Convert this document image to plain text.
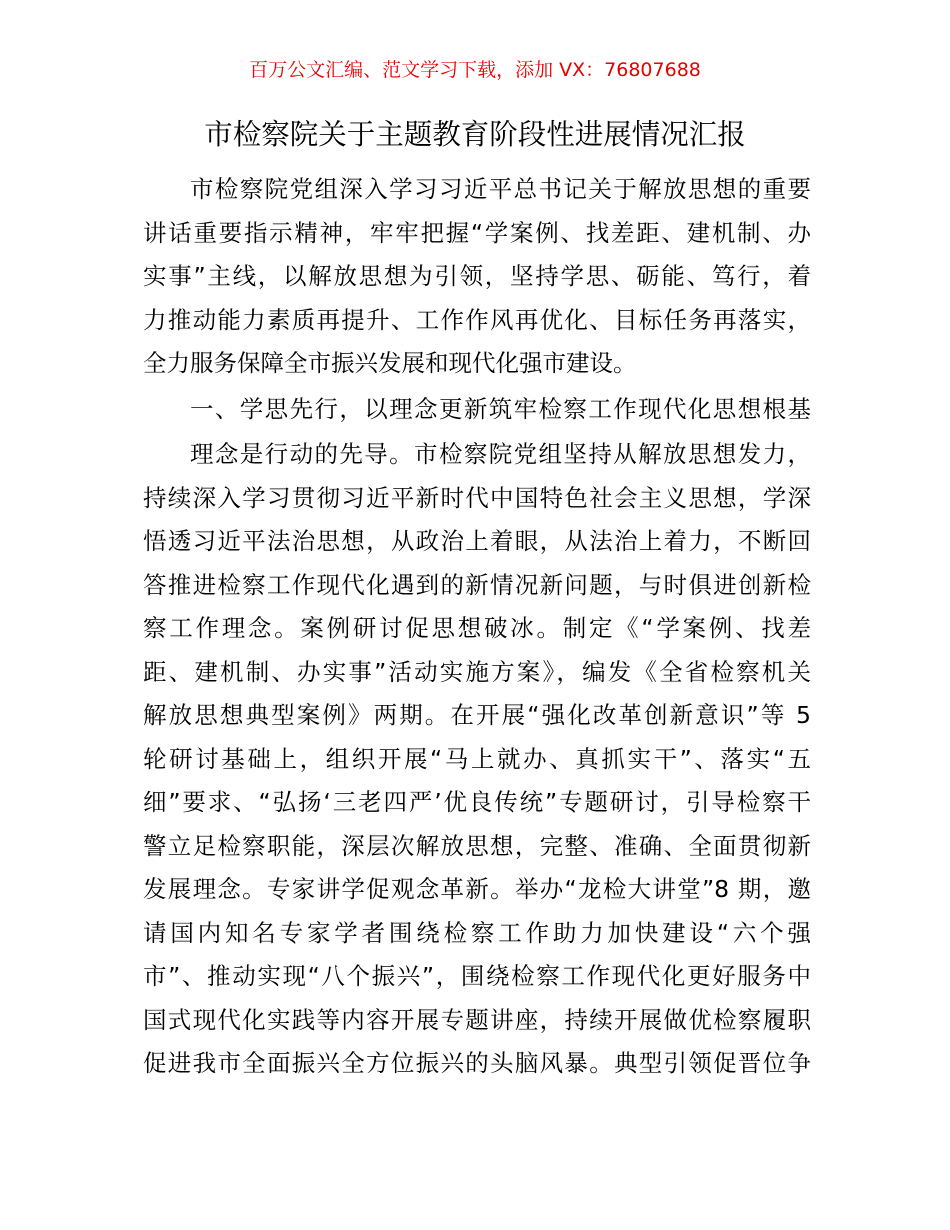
百万公文汇编、范文学习下载，添加 VX：76807688
市检察院关于主题教育阶段性进展情况汇报
市检察院党组深入学习习近平总书记关于解放思想的重要
讲话重要指示精神，牢牢把握“学案例、找差距、建机制、办
实事”主线，以解放思想为引领，坚持学思、砺能、笃行，着
力推动能力素质再提升、工作作风再优化、目标任务再落实，
全力服务保障全市振兴发展和现代化强市建设。
一、学思先行，以理念更新筑牢检察工作现代化思想根基
理念是行动的先导。市检察院党组坚持从解放思想发力，
持续深入学习贯彻习近平新时代中国特色社会主义思想，学深
悟透习近平法治思想，从政治上着眼，从法治上着力，不断回
答推进检察工作现代化遇到的新情况新问题，与时俱进创新检
察工作理念。案例研讨促思想破冰。制定《“学案例、找差
距、建机制、办实事”活动实施方案》，编发《全省检察机关
解放思想典型案例》两期。在开展“强化改革创新意识”等 5
轮研讨基础上，组织开展“马上就办、真抓实干”、落实“五
细”要求、“弘扬‘三老四严’优良传统”专题研讨，引导检察干
警立足检察职能，深层次解放思想，完整、准确、全面贯彻新
发展理念。专家讲学促观念革新。举办“龙检大讲堂”8 期，邀
请国内知名专家学者围绕检察工作助力加快建设“六个强
市”、推动实现“八个振兴”，围绕检察工作现代化更好服务中
国式现代化实践等内容开展专题讲座，持续开展做优检察履职
促进我市全面振兴全方位振兴的头脑风暴。典型引领促晋位争
